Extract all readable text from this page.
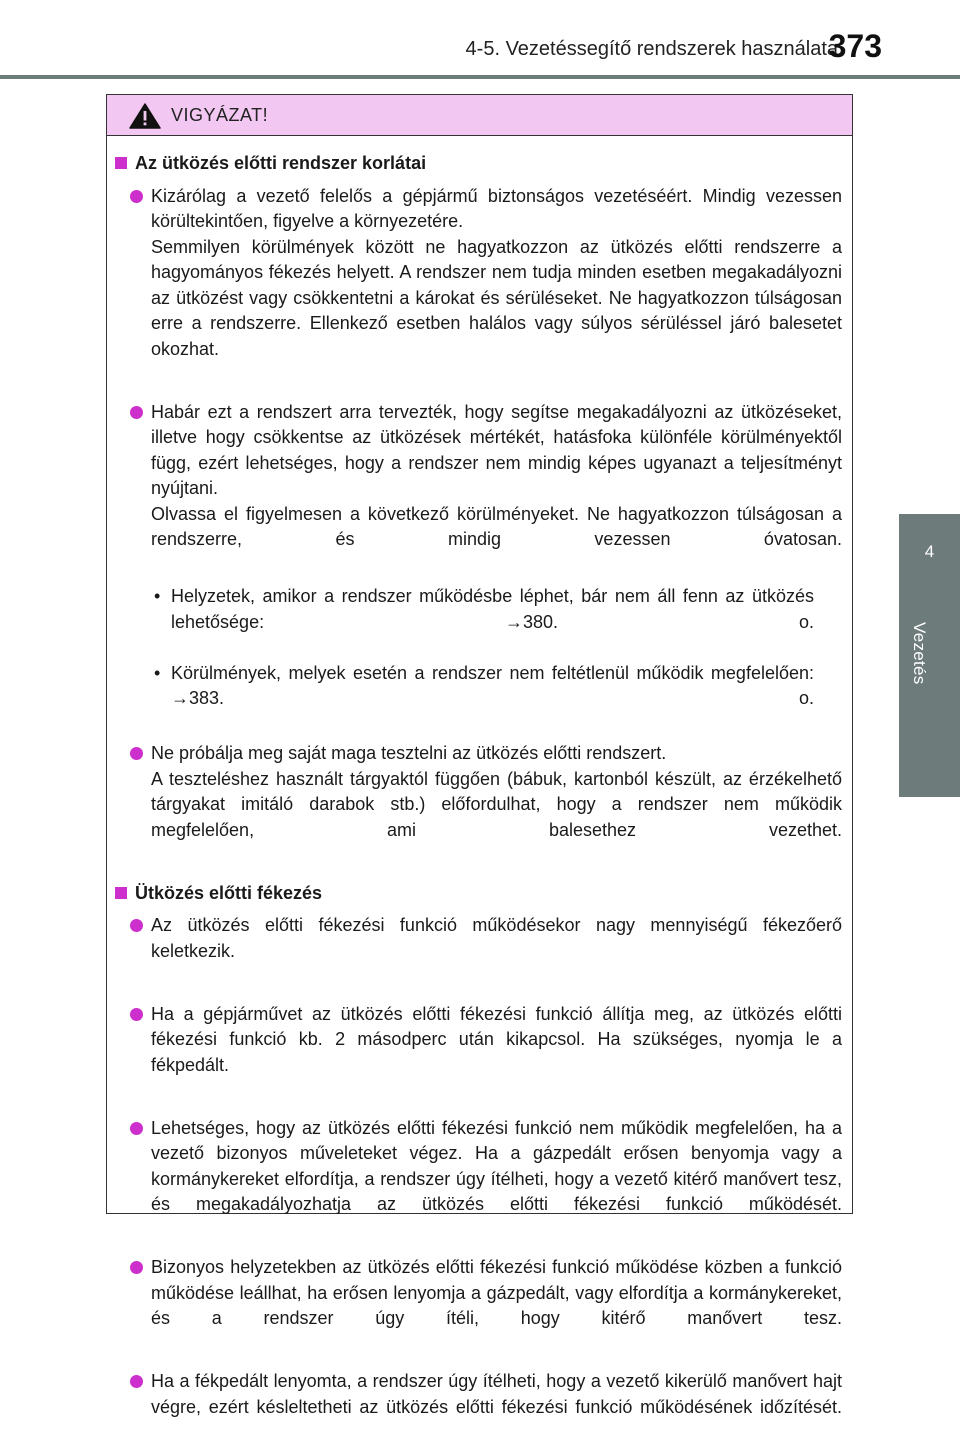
4-5. Vezetéssegítő rendszerek használata
373
4
Vezetés
VIGYÁZAT!
Az ütközés előtti rendszer korlátai

Kizárólag a vezető felelős a gépjármű biztonságos vezetéséért. Mindig vezessen körültekintően, figyelve a környezetére.

Semmilyen körülmények között ne hagyatkozzon az ütközés előtti rendszerre a hagyományos fékezés helyett. A rendszer nem tudja minden esetben megakadályozni az ütközést vagy csökkentetni a károkat és sérüléseket. Ne hagyatkozzon túlságosan erre a rendszerre. Ellenkező esetben halálos vagy súlyos sérüléssel járó balesetet okozhat.

Habár ezt a rendszert arra tervezték, hogy segítse megakadályozni az ütközéseket, illetve hogy csökkentse az ütközések mértékét, hatásfoka különféle körülményektől függ, ezért lehetséges, hogy a rendszer nem mindig képes ugyanazt a teljesítményt nyújtani.

Olvassa el figyelmesen a következő körülményeket. Ne hagyatkozzon túlságosan a rendszerre, és mindig vezessen óvatosan.

• Helyzetek, amikor a rendszer működésbe léphet, bár nem áll fenn az ütközés lehetősége: →380. o.
• Körülmények, melyek esetén a rendszer nem feltétlenül működik megfelelően: →383. o.

Ne próbálja meg saját maga tesztelni az ütközés előtti rendszert.

A teszteléshez használt tárgyaktól függően (bábuk, kartonból készült, az érzékelhető tárgyakat imitáló darabok stb.) előfordulhat, hogy a rendszer nem működik megfelelően, ami balesethez vezethet.

Ütközés előtti fékezés

Az ütközés előtti fékezési funkció működésekor nagy mennyiségű fékezőerő keletkezik.

Ha a gépjárművet az ütközés előtti fékezési funkció állítja meg, az ütközés előtti fékezési funkció kb. 2 másodperc után kikapcsol. Ha szükséges, nyomja le a fékpedált.

Lehetséges, hogy az ütközés előtti fékezési funkció nem működik megfelelően, ha a vezető bizonyos műveleteket végez. Ha a gázpedált erősen benyomja vagy a kormánykereket elfordítja, a rendszer úgy ítélheti, hogy a vezető kitérő manővert tesz, és megakadályozhatja az ütközés előtti fékezési funkció működését.

Bizonyos helyzetekben az ütközés előtti fékezési funkció működése közben a funkció működése leállhat, ha erősen lenyomja a gázpedált, vagy elfordítja a kormánykereket, és a rendszer úgy ítéli, hogy kitérő manővert tesz.

Ha a fékpedált lenyomta, a rendszer úgy ítélheti, hogy a vezető kikerülő manővert hajt végre, ezért késleltetheti az ütközés előtti fékezési funkció működésének időzítését.
